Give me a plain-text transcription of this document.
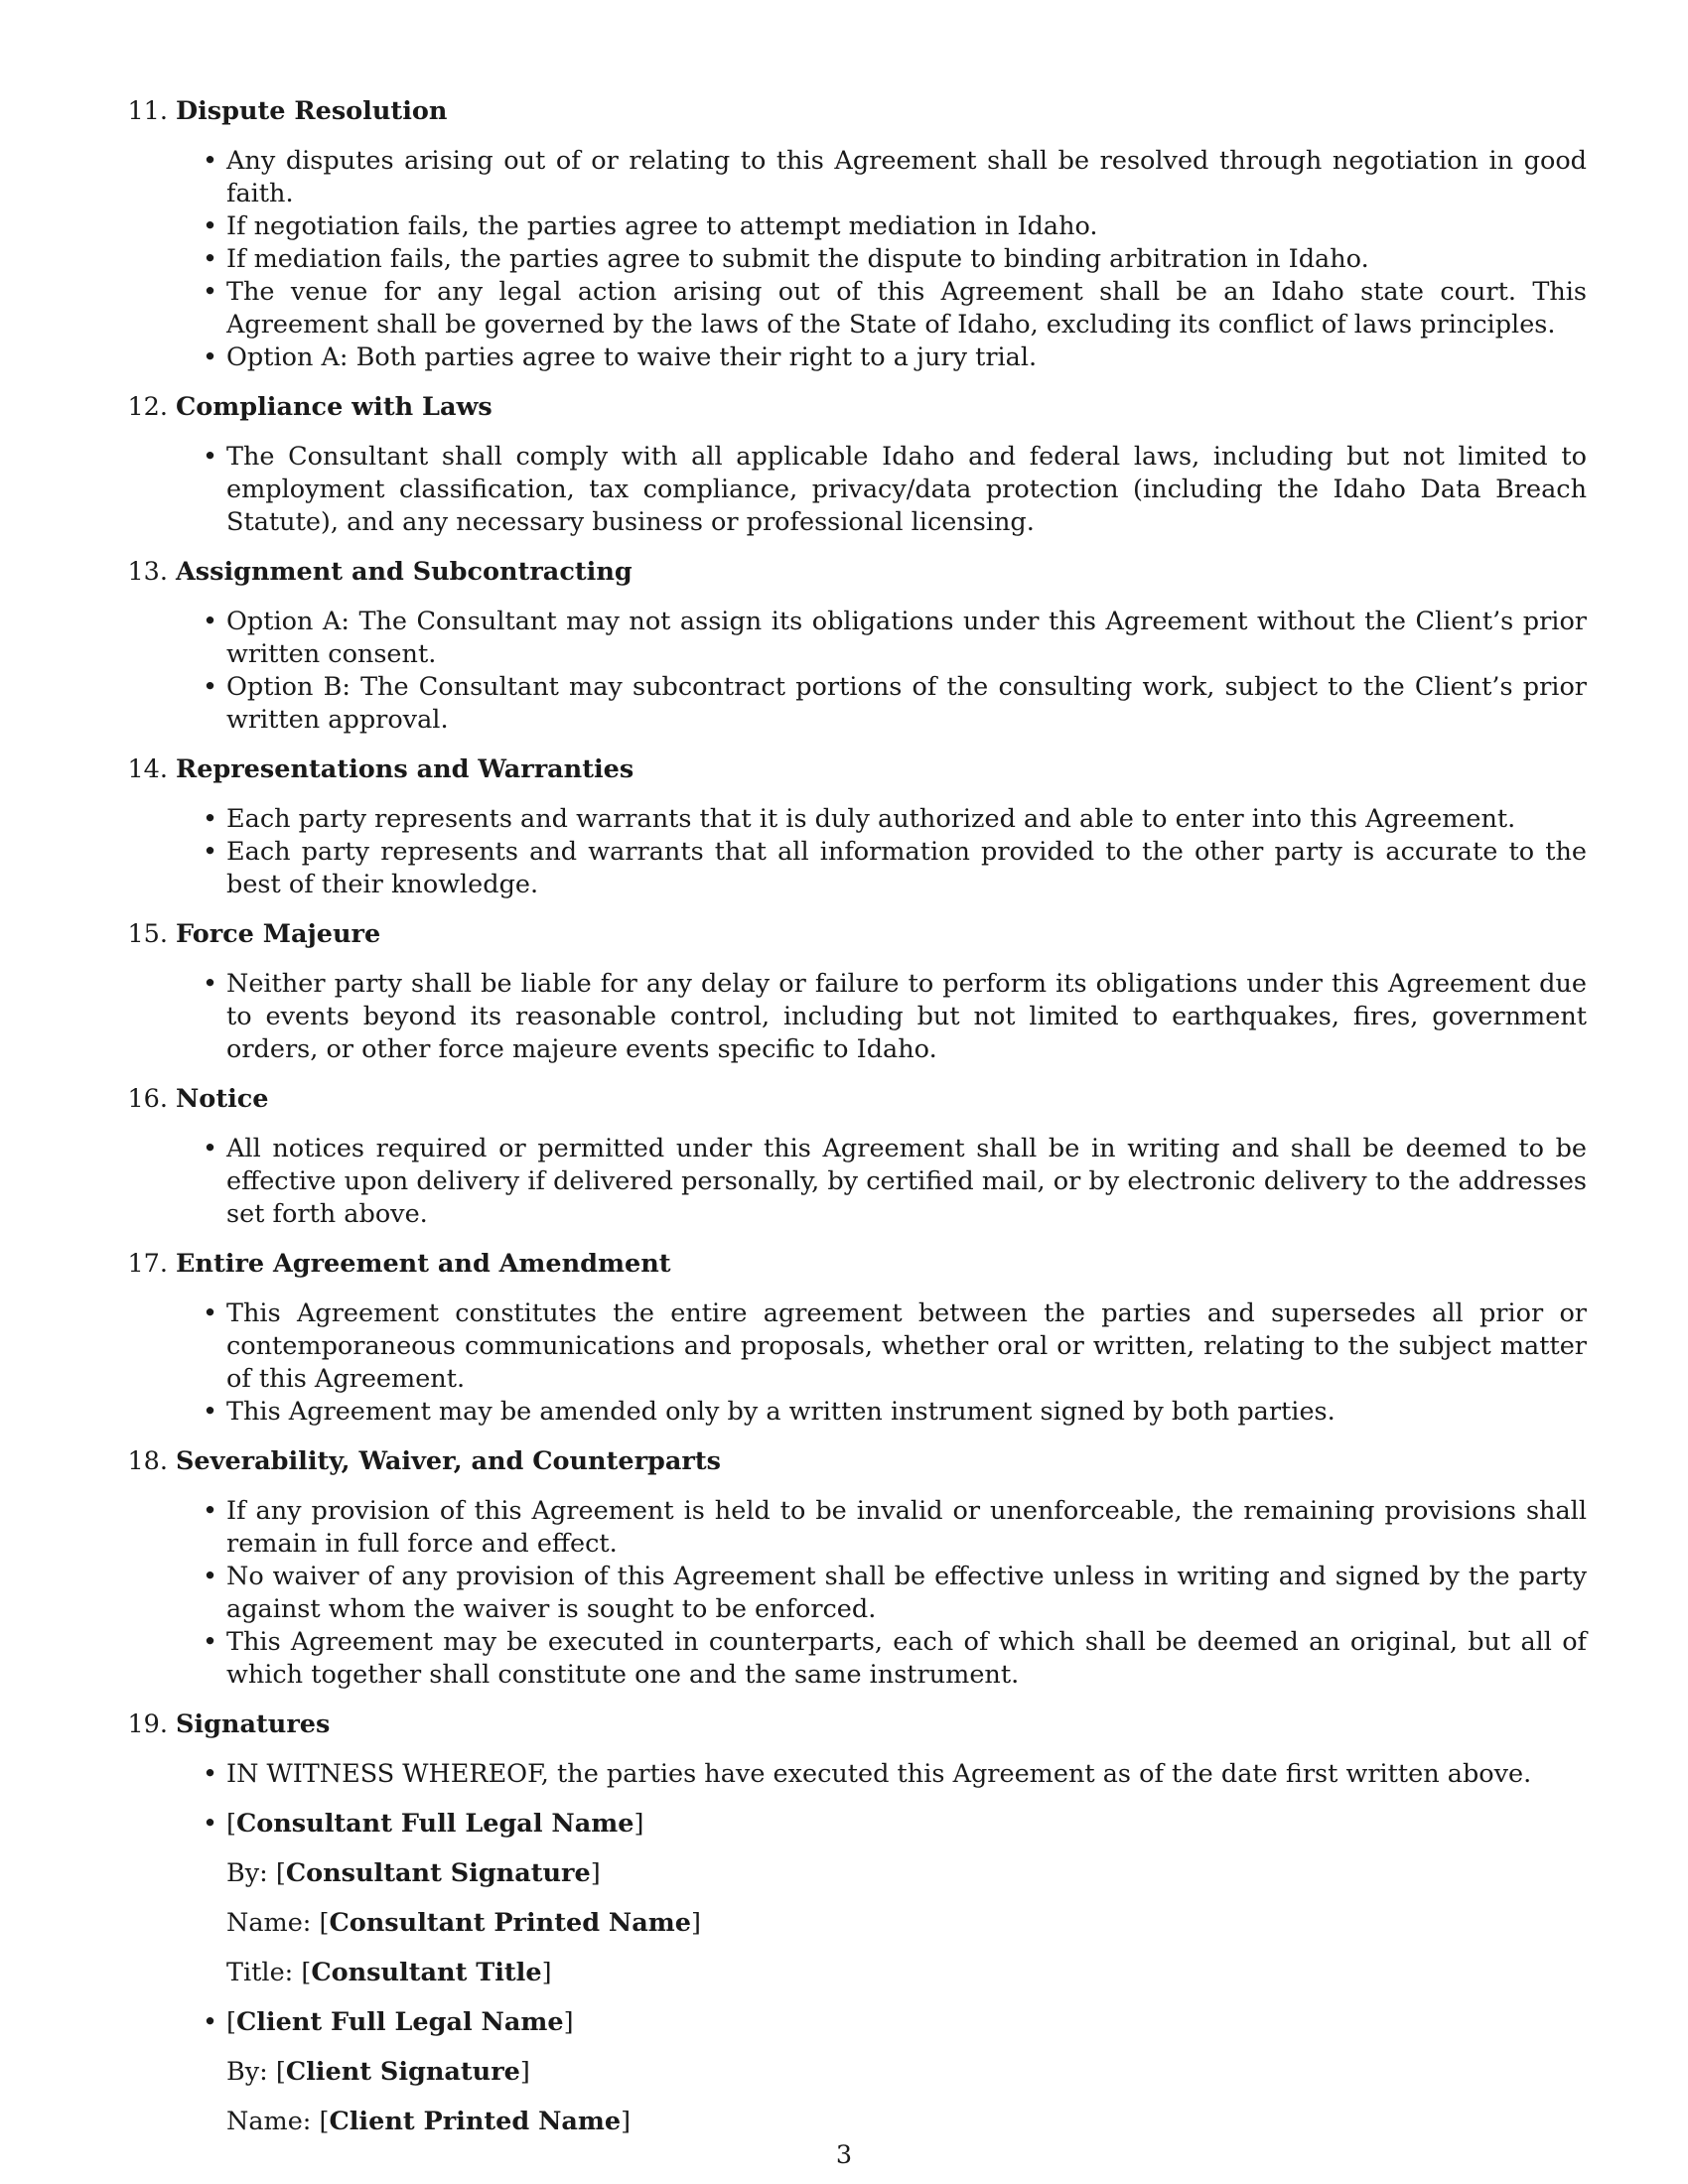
11. Dispute Resolution
• Any disputes arising out of or relating to this Agreement shall be resolved through negotiation in good faith.
• If negotiation fails, the parties agree to attempt mediation in Idaho.
• If mediation fails, the parties agree to submit the dispute to binding arbitration in Idaho.
• The venue for any legal action arising out of this Agreement shall be an Idaho state court. This Agreement shall be governed by the laws of the State of Idaho, excluding its conflict of laws principles.
• Option A: Both parties agree to waive their right to a jury trial.
12. Compliance with Laws
• The Consultant shall comply with all applicable Idaho and federal laws, including but not limited to employment classification, tax compliance, privacy/data protection (including the Idaho Data Breach Statute), and any necessary business or professional licensing.
13. Assignment and Subcontracting
• Option A: The Consultant may not assign its obligations under this Agreement without the Client’s prior written consent.
• Option B: The Consultant may subcontract portions of the consulting work, subject to the Client’s prior written approval.
14. Representations and Warranties
• Each party represents and warrants that it is duly authorized and able to enter into this Agreement.
• Each party represents and warrants that all information provided to the other party is accurate to the best of their knowledge.
15. Force Majeure
• Neither party shall be liable for any delay or failure to perform its obligations under this Agreement due to events beyond its reasonable control, including but not limited to earthquakes, fires, government orders, or other force majeure events specific to Idaho.
16. Notice
• All notices required or permitted under this Agreement shall be in writing and shall be deemed to be effective upon delivery if delivered personally, by certified mail, or by electronic delivery to the addresses set forth above.
17. Entire Agreement and Amendment
• This Agreement constitutes the entire agreement between the parties and supersedes all prior or contemporaneous communications and proposals, whether oral or written, relating to the subject matter of this Agreement.
• This Agreement may be amended only by a written instrument signed by both parties.
18. Severability, Waiver, and Counterparts
• If any provision of this Agreement is held to be invalid or unenforceable, the remaining provisions shall remain in full force and effect.
• No waiver of any provision of this Agreement shall be effective unless in writing and signed by the party against whom the waiver is sought to be enforced.
• This Agreement may be executed in counterparts, each of which shall be deemed an original, but all of which together shall constitute one and the same instrument.
19. Signatures
• IN WITNESS WHEREOF, the parties have executed this Agreement as of the date first written above.
• [Consultant Full Legal Name]
By: [Consultant Signature]
Name: [Consultant Printed Name]
Title: [Consultant Title]
• [Client Full Legal Name]
By: [Client Signature]
Name: [Client Printed Name]
3
